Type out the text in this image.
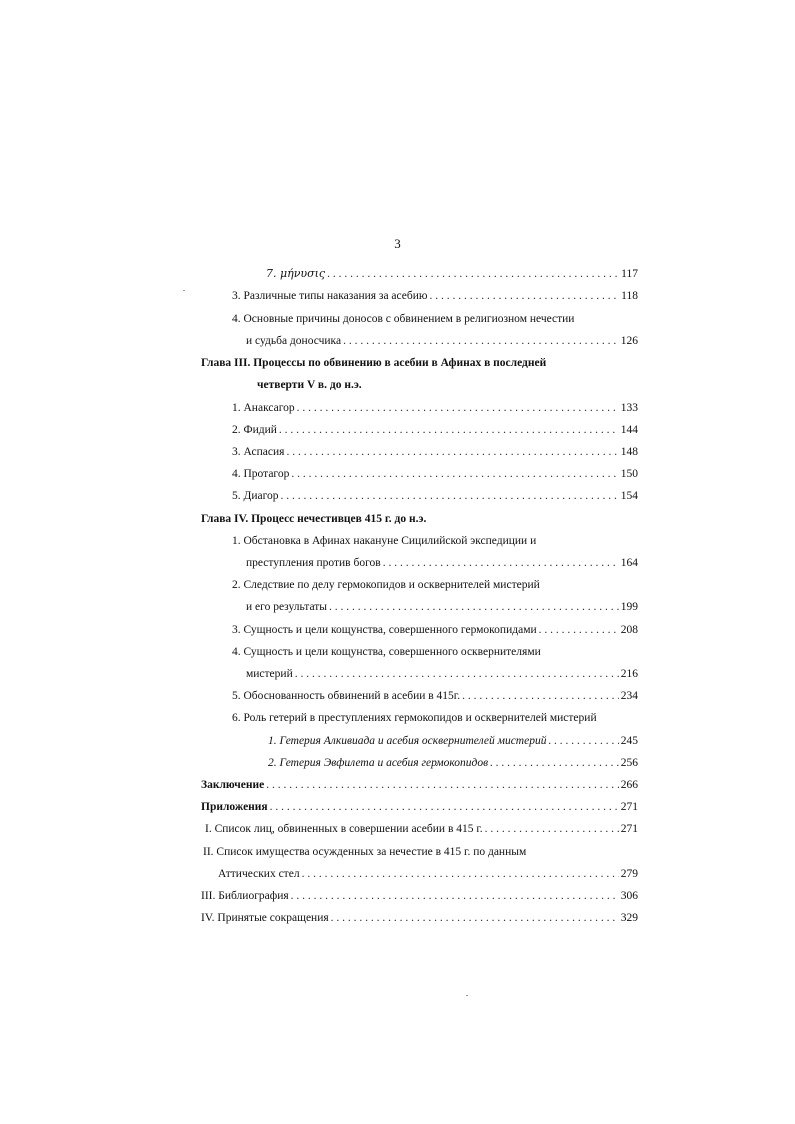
3
7. μήνυσις . . .	117
3. Различные типы наказания за асебию . . .	118
4. Основные причины доносов с обвинением в религиозном нечестии
и судьба доносчика . . .	126
Глава III. Процессы по обвинению в асебии в Афинах в последней
четверти V в. до н.э.
1. Анаксагор . . .	133
2. Фидий . . .	144
3. Аспасия . . .	148
4. Протагор . . .	150
5. Диагор . . .	154
Глава IV. Процесс нечестивцев 415 г. до н.э.
1. Обстановка в Афинах накануне Сицилийской экспедиции и
преступления против богов . . .	164
2. Следствие по делу гермокопидов и осквернителей мистерий
и его результаты . . .	199
3. Сущность и цели кощунства, совершенного гермокопидами . . .	208
4. Сущность и цели кощунства, совершенного осквернителями
мистерий . . .	216
5. Обоснованность обвинений в асебии в 415г. . . .	234
6. Роль гетерий в преступлениях гермокопидов и осквернителей мистерий
1. Гетерия Алкивиада и асебия осквернителей мистерий . . .	245
2. Гетерия Эвфилета и асебия гермокопидов . . .	256
Заключение . . .	266
Приложения . . .	271
I. Список лиц, обвиненных в совершении асебии в 415 г. . . .	271
II. Список имущества осужденных за нечестие в 415 г. по данным
Аттических стел . . .	279
III. Библиография . . .	306
IV. Принятые сокращения . . .	329
